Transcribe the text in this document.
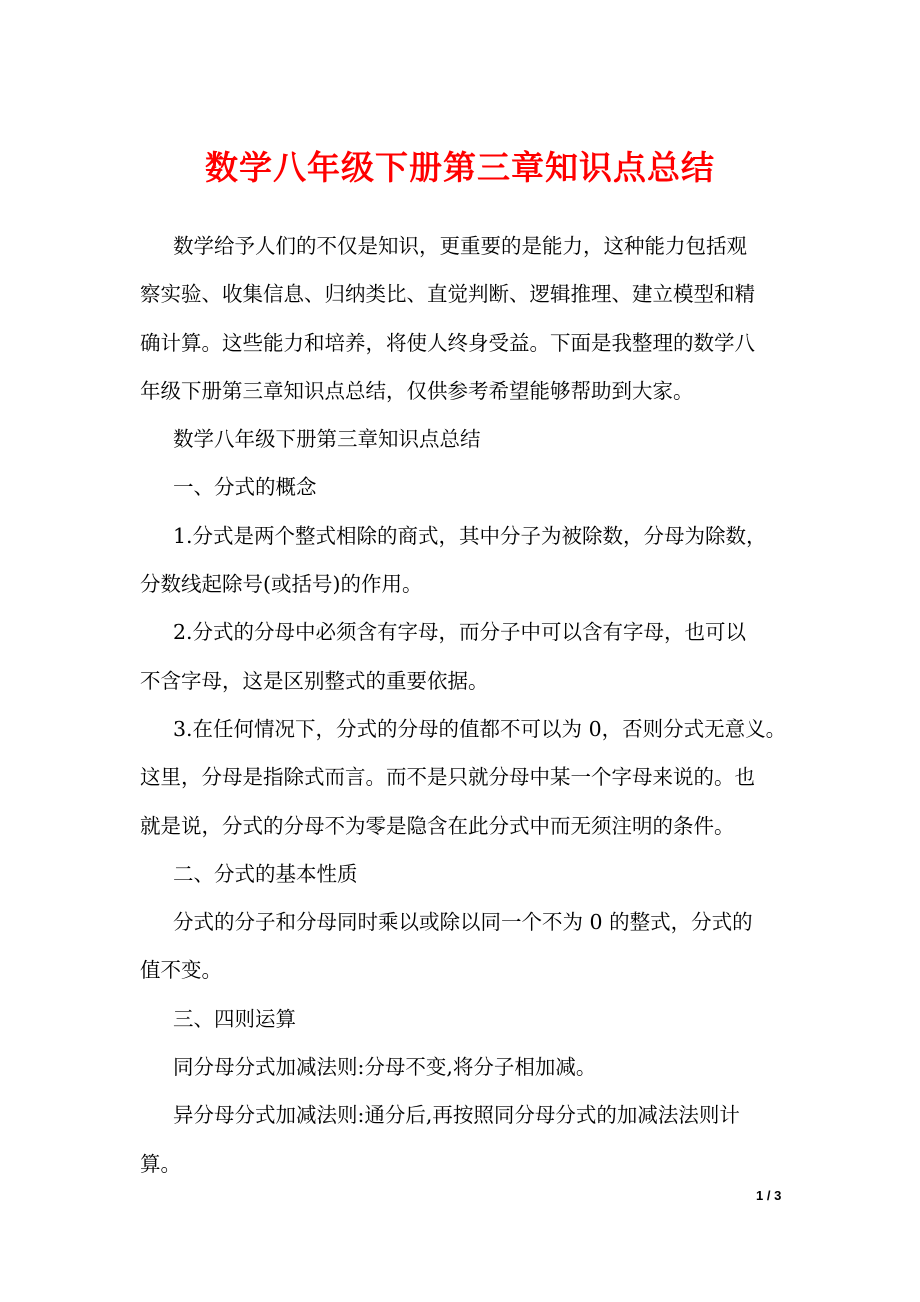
数学八年级下册第三章知识点总结
数学给予人们的不仅是知识，更重要的是能力，这种能力包括观
察实验、收集信息、归纳类比、直觉判断、逻辑推理、建立模型和精
确计算。这些能力和培养，将使人终身受益。下面是我整理的数学八
年级下册第三章知识点总结，仅供参考希望能够帮助到大家。
数学八年级下册第三章知识点总结
一、分式的概念
1.分式是两个整式相除的商式，其中分子为被除数，分母为除数，
分数线起除号(或括号)的作用。
2.分式的分母中必须含有字母，而分子中可以含有字母，也可以
不含字母，这是区别整式的重要依据。
3.在任何情况下，分式的分母的值都不可以为 0，否则分式无意义。
这里，分母是指除式而言。而不是只就分母中某一个字母来说的。也
就是说，分式的分母不为零是隐含在此分式中而无须注明的条件。
二、分式的基本性质
分式的分子和分母同时乘以或除以同一个不为 0 的整式，分式的
值不变。
三、四则运算
同分母分式加减法则:分母不变,将分子相加减。
异分母分式加减法则:通分后,再按照同分母分式的加减法法则计
算。
1 / 3
